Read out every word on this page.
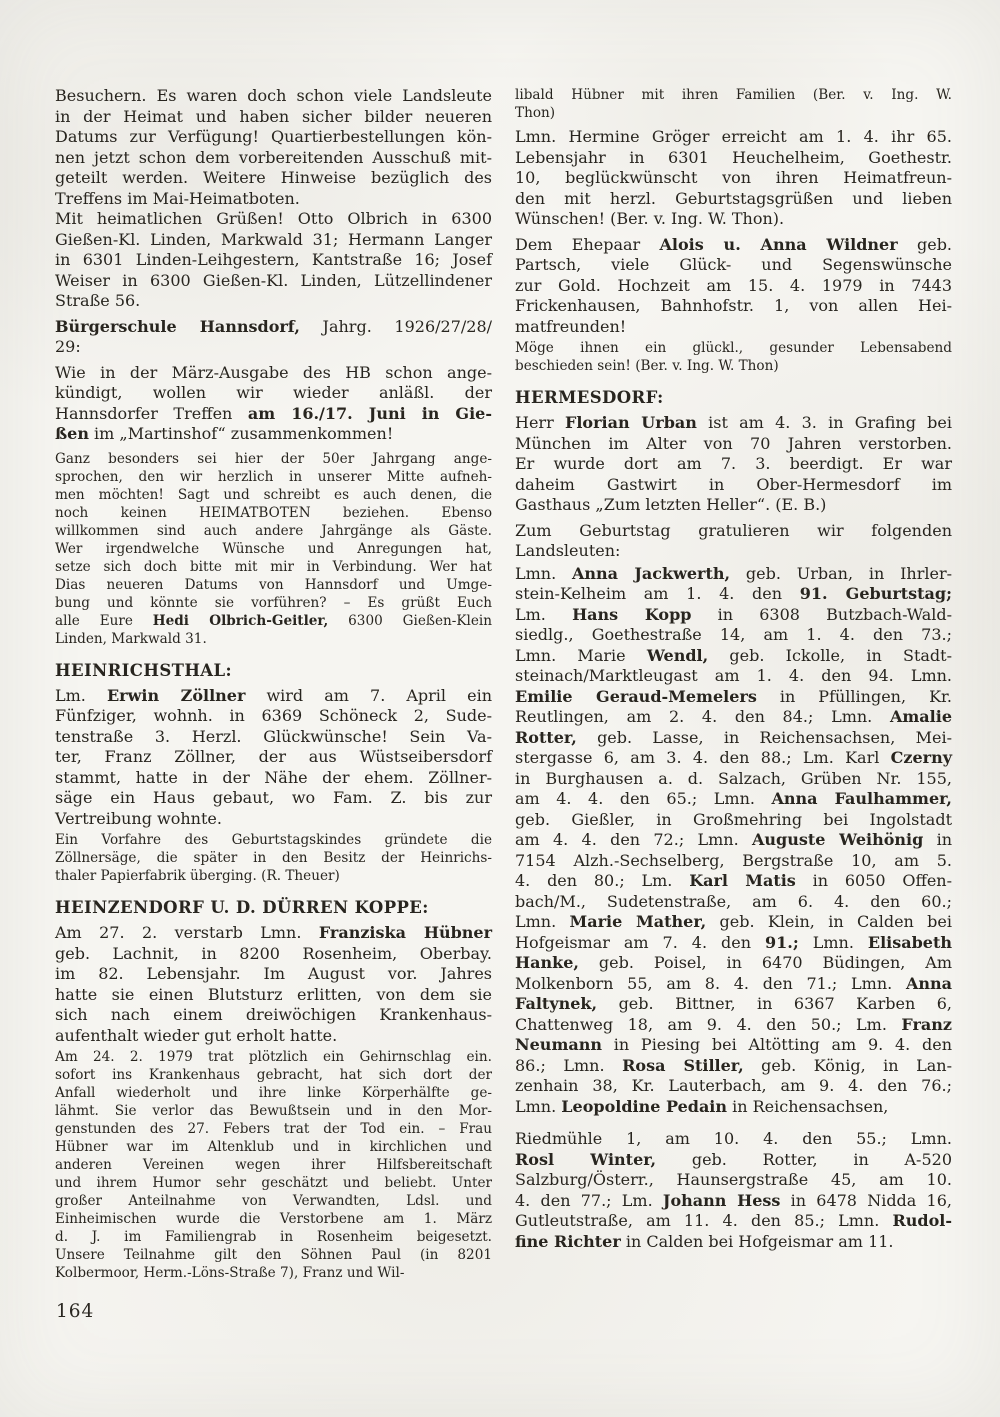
Besuchern. Es waren doch schon viele Landsleute
in der Heimat und haben sicher bilder neueren
Datums zur Verfügung! Quartierbestellungen kön-
nen jetzt schon dem vorbereitenden Ausschuß mit-
geteilt werden. Weitere Hinweise bezüglich des
Treffens im Mai-Heimatboten.
Mit heimatlichen Grüßen! Otto Olbrich in 6300
Gießen-Kl. Linden, Markwald 31; Hermann Langer
in 6301 Linden-Leihgestern, Kantstraße 16; Josef
Weiser in 6300 Gießen-Kl. Linden, Lützellindener
Straße 56.
Bürgerschule Hannsdorf, Jahrg. 1926/27/28/
29:
Wie in der März-Ausgabe des HB schon ange-
kündigt, wollen wir wieder anläßl. der
Hannsdorfer Treffen am 16./17. Juni in Gie-
ßen im „Martinshof“ zusammenkommen!
Ganz besonders sei hier der 50er Jahrgang ange-
sprochen, den wir herzlich in unserer Mitte aufneh-
men möchten! Sagt und schreibt es auch denen, die
noch keinen HEIMATBOTEN beziehen. Ebenso
willkommen sind auch andere Jahrgänge als Gäste.
Wer irgendwelche Wünsche und Anregungen hat,
setze sich doch bitte mit mir in Verbindung. Wer hat
Dias neueren Datums von Hannsdorf und Umge-
bung und könnte sie vorführen? – Es grüßt Euch
alle Eure Hedi Olbrich-Geitler, 6300 Gießen-Klein
Linden, Markwald 31.
HEINRICHSTHAL:
Lm. Erwin Zöllner wird am 7. April ein
Fünfziger, wohnh. in 6369 Schöneck 2, Sude-
tenstraße 3. Herzl. Glückwünsche! Sein Va-
ter, Franz Zöllner, der aus Wüstseibersdorf
stammt, hatte in der Nähe der ehem. Zöllner-
säge ein Haus gebaut, wo Fam. Z. bis zur
Vertreibung wohnte.
Ein Vorfahre des Geburtstagskindes gründete die
Zöllnersäge, die später in den Besitz der Heinrichs-
thaler Papierfabrik überging. (R. Theuer)
HEINZENDORF U. D. DÜRREN KOPPE:
Am 27. 2. verstarb Lmn. Franziska Hübner
geb. Lachnit, in 8200 Rosenheim, Oberbay.
im 82. Lebensjahr. Im August vor. Jahres
hatte sie einen Blutsturz erlitten, von dem sie
sich nach einem dreiwöchigen Krankenhaus-
aufenthalt wieder gut erholt hatte.
Am 24. 2. 1979 trat plötzlich ein Gehirnschlag ein.
sofort ins Krankenhaus gebracht, hat sich dort der
Anfall wiederholt und ihre linke Körperhälfte ge-
lähmt. Sie verlor das Bewußtsein und in den Mor-
genstunden des 27. Febers trat der Tod ein. – Frau
Hübner war im Altenklub und in kirchlichen und
anderen Vereinen wegen ihrer Hilfsbereitschaft
und ihrem Humor sehr geschätzt und beliebt. Unter
großer Anteilnahme von Verwandten, Ldsl. und
Einheimischen wurde die Verstorbene am 1. März
d. J. im Familiengrab in Rosenheim beigesetzt.
Unsere Teilnahme gilt den Söhnen Paul (in 8201
Kolbermoor, Herm.-Löns-Straße 7), Franz und Wil-
libald Hübner mit ihren Familien (Ber. v. Ing. W.
Thon)
Lmn. Hermine Gröger erreicht am 1. 4. ihr 65.
Lebensjahr in 6301 Heuchelheim, Goethestr.
10, beglückwünscht von ihren Heimatfreun-
den mit herzl. Geburtstagsgrüßen und lieben
Wünschen! (Ber. v. Ing. W. Thon).
Dem Ehepaar Alois u. Anna Wildner geb.
Partsch, viele Glück- und Segenswünsche
zur Gold. Hochzeit am 15. 4. 1979 in 7443
Frickenhausen, Bahnhofstr. 1, von allen Hei-
matfreunden!
Möge ihnen ein glückl., gesunder Lebensabend
beschieden sein! (Ber. v. Ing. W. Thon)
HERMESDORF:
Herr Florian Urban ist am 4. 3. in Grafing bei
München im Alter von 70 Jahren verstorben.
Er wurde dort am 7. 3. beerdigt. Er war
daheim Gastwirt in Ober-Hermesdorf im
Gasthaus „Zum letzten Heller“. (E. B.)
Zum Geburtstag gratulieren wir folgenden
Landsleuten:
Lmn. Anna Jackwerth, geb. Urban, in Ihrler-
stein-Kelheim am 1. 4. den 91. Geburtstag;
Lm. Hans Kopp in 6308 Butzbach-Wald-
siedlg., Goethestraße 14, am 1. 4. den 73.;
Lmn. Marie Wendl, geb. Ickolle, in Stadt-
steinach/Marktleugast am 1. 4. den 94. Lmn.
Emilie Geraud-Memelers in Pfüllingen, Kr.
Reutlingen, am 2. 4. den 84.; Lmn. Amalie
Rotter, geb. Lasse, in Reichensachsen, Mei-
stergasse 6, am 3. 4. den 88.; Lm. Karl Czerny
in Burghausen a. d. Salzach, Grüben Nr. 155,
am 4. 4. den 65.; Lmn. Anna Faulhammer,
geb. Gießler, in Großmehring bei Ingolstadt
am 4. 4. den 72.; Lmn. Auguste Weihönig in
7154 Alzh.-Sechselberg, Bergstraße 10, am 5.
4. den 80.; Lm. Karl Matis in 6050 Offen-
bach/M., Sudetenstraße, am 6. 4. den 60.;
Lmn. Marie Mather, geb. Klein, in Calden bei
Hofgeismar am 7. 4. den 91.; Lmn. Elisabeth
Hanke, geb. Poisel, in 6470 Büdingen, Am
Molkenborn 55, am 8. 4. den 71.; Lmn. Anna
Faltynek, geb. Bittner, in 6367 Karben 6,
Chattenweg 18, am 9. 4. den 50.; Lm. Franz
Neumann in Piesing bei Altötting am 9. 4. den
86.; Lmn. Rosa Stiller, geb. König, in Lan-
zenhain 38, Kr. Lauterbach, am 9. 4. den 76.;
Lmn. Leopoldine Pedain in Reichensachsen,
Riedmühle 1, am 10. 4. den 55.; Lmn.
Rosl Winter, geb. Rotter, in A-520
Salzburg/Österr., Haunsergstraße 45, am 10.
4. den 77.; Lm. Johann Hess in 6478 Nidda 16,
Gutleutstraße, am 11. 4. den 85.; Lmn. Rudol-
fine Richter in Calden bei Hofgeismar am 11.
164
